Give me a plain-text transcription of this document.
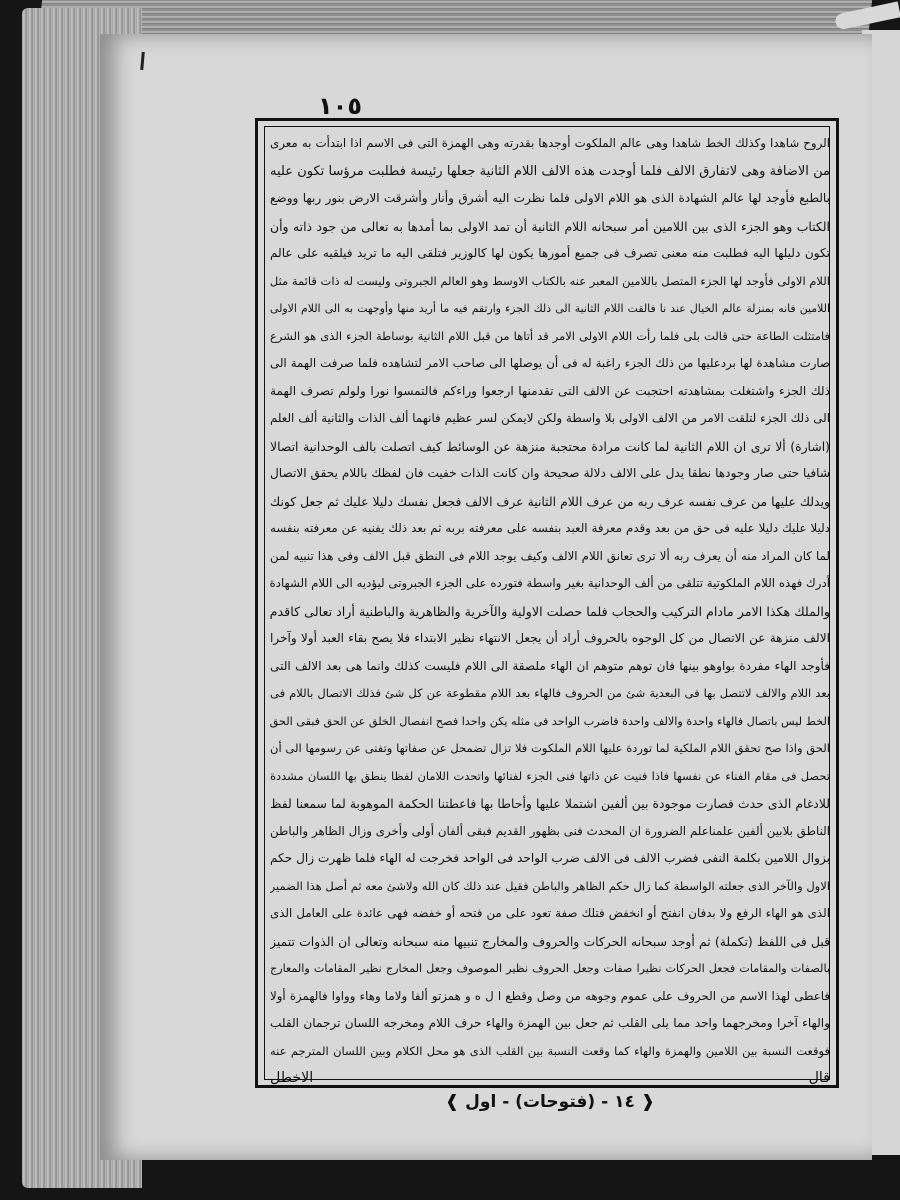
١٠٥
الروح شاهدا وكذلك الخط شاهدا وهى عالم الملكوت أوجدها بقدرته وهى الهمزة التى فى الاسم اذا ابتدأت به معرى
من الاضافة وهى لاتفارق الالف فلما أوجدت هذه الالف اللام الثانية جعلها رئيسة فطلبت مرؤسا تكون عليه
بالطبع فأوجد لها عالم الشهادة الذى هو اللام الاولى فلما نظرت اليه أشرق وأنار وأشرقت الارض بنور ربها ووضع
الكتاب وهو الجزء الذى بين اللامين أمر سبحانه اللام الثانية أن تمد الاولى بما أمدها به تعالى من جود ذاته وأن
تكون دليلها اليه فطلبت منه معنى تصرف فى جميع أمورها يكون لها كالوزير فتلقى اليه ما تريد فيلقيه على عالم
اللام الاولى فأوجد لها الجزء المتصل باللامين المعبر عنه بالكتاب الاوسط وهو العالم الجبروتى وليست له ذات قائمة مثل
اللامين فانه بمنزلة عالم الخيال عند نا فالقت اللام الثانية الى ذلك الجزء وارتقم فيه ما أريد منها وأوجهت به الى اللام الاولى
فامتثلت الطاعة حتى قالت بلى فلما رأت اللام الاولى الامر قد أتاها من قبل اللام الثانية بوساطة الجزء الذى هو الشرع
صارت مشاهدة لها بردعليها من ذلك الجزء راغبة له فى أن يوصلها الى صاحب الامر لتشاهده فلما صرفت الهمة الى
ذلك الجزء واشتغلت بمشاهدته احتجبت عن الالف التى تقدمنها ارجعوا وراءكم فالتمسوا نورا ولولم تصرف الهمة
الى ذلك الجزء لتلقت الامر من الالف الاولى بلا واسطة ولكن لايمكن لسر عظيم فانهما ألف الذات والثانية ألف العلم
(اشارة) ألا ترى ان اللام الثانية لما كانت مرادة محتجبة منزهة عن الوسائط كيف اتصلت بالف الوحدانية اتصالا
شافيا حتى صار وجودها نطقا يدل على الالف دلالة صحيحة وان كانت الذات خفيت فان لفظك باللام يحقق الاتصال
ويدلك عليها من عرف نفسه عرف ربه من عرف اللام الثانية عرف الالف فجعل نفسك دليلا عليك ثم جعل كونك
دليلا عليك دليلا عليه فى حق من بعد وقدم معرفة العبد بنفسه على معرفته بربه ثم بعد ذلك يفنيه عن معرفته بنفسه
لما كان المراد منه أن يعرف ربه ألا ترى تعانق اللام الالف وكيف يوجد اللام فى النطق قبل الالف وفى هذا تنبيه لمن
أدرك فهذه اللام الملكوتية تتلقى من ألف الوحدانية بغير واسطة فتورده على الجزء الجبروتى ليؤديه الى اللام الشهادة
والملك هكذا الامر مادام التركيب والحجاب فلما حصلت الاولية والآخرية والظاهرية والباطنية أراد تعالى كاقدم
الالف منزهة عن الاتصال من كل الوجوه بالحروف أراد أن يجعل الانتهاء نظير الابتداء فلا يصح بقاء العبد أولا وآخرا
فأوجد الهاء مفردة بواوهو بينها فان توهم متوهم ان الهاء ملصقة الى اللام فليست كذلك وانما هى بعد الالف التى
بعد اللام والالف لاتتصل بها فى البعدية شئ من الحروف فالهاء بعد اللام مقطوعة عن كل شئ فذلك الاتصال باللام فى
الخط ليس باتصال فالهاء واحدة والالف واحدة فاضرب الواحد فى مثله يكن واحدا فصح انفصال الخلق عن الحق فبقى الحق
الحق واذا صح تحقق اللام الملكية لما توردة عليها اللام الملكوت فلا تزال تضمحل عن صفاتها وتفنى عن رسومها الى أن
تحصل فى مقام الفناء عن نفسها فاذا فنيت عن ذاتها فنى الجزء لفنائها واتحدت اللامان لفظا ينطق بها اللسان مشددة
للادغام الذى حدث فصارت موجودة بين ألفين اشتملا عليها وأحاطا بها فاعطتنا الحكمة الموهوبة لما سمعنا لفظ
الناطق بلابين ألفين علمناعلم الضرورة ان المحدث فنى بظهور القديم فبقى ألفان أولى وأخرى وزال الظاهر والباطن
بزوال اللامين بكلمة النفى فضرب الالف فى الالف ضرب الواحد فى الواحد فخرجت له الهاء فلما ظهرت زال حكم
الاول والآخر الذى جعلته الواسطة كما زال حكم الظاهر والباطن فقيل عند ذلك كان الله ولاشئ معه ثم أصل هذا الضمير
الذى هو الهاء الرفع ولا بدفان انفتح أو انخفض فتلك صفة تعود على من فتحه أو خفضه فهى عائدة على العامل الذى
قبل فى اللفظ (تكملة) ثم أوجد سبحانه الحركات والحروف والمخارج تنبيها منه سبحانه وتعالى ان الذوات تتميز
بالصفات والمقامات فجعل الحركات نظيرا صفات وجعل الحروف نظير الموصوف وجعل المخارج نظير المقامات والمعارج
فاعطى لهذا الاسم من الحروف على عموم وجوهه من وصل وقطع ا ل ه و همزتو ألفا ولاما وهاء وواوا فالهمزة أولا
والهاء آخرا ومخرجهما واحد مما يلى القلب ثم جعل بين الهمزة والهاء حرف اللام ومخرجه اللسان ترجمان القلب
فوقعت النسبة بين اللامين والهمزة والهاء كما وقعت النسبة بين القلب الذى هو محل الكلام وبين اللسان المترجم عنه
قال الاخطل
❰ ١٤ - (فتوحات) - اول ❱
